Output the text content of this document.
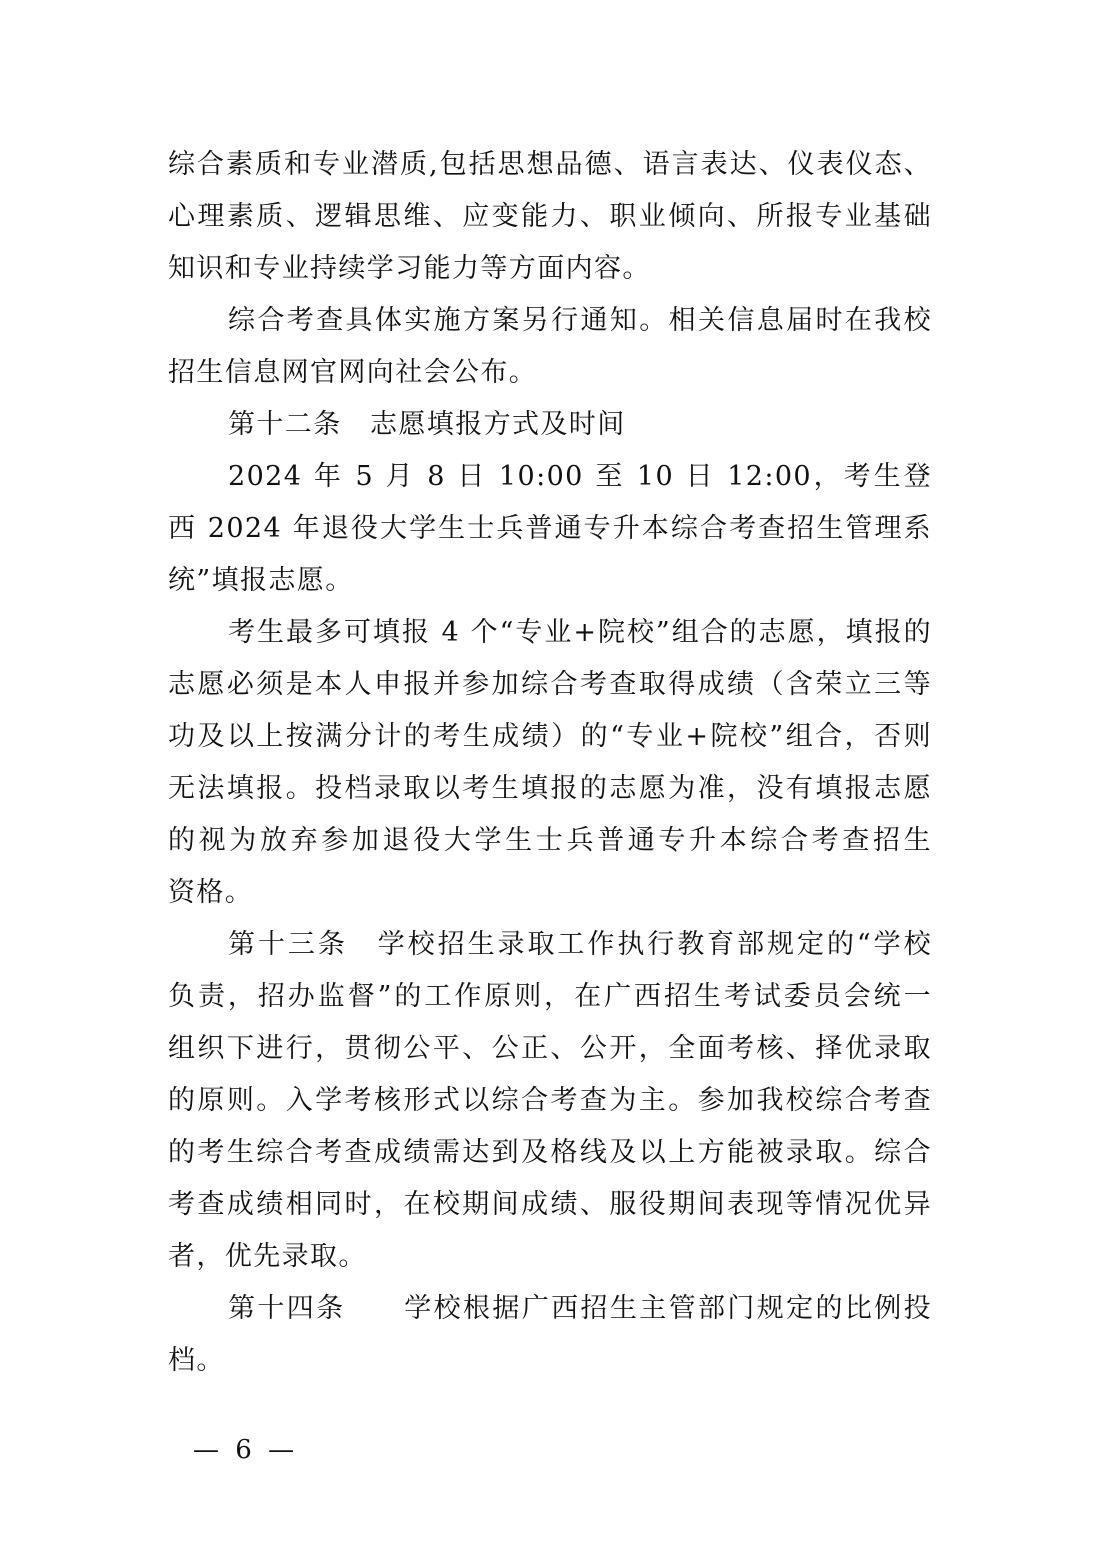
综合素质和专业潜质,包括思想品德、语言表达、仪表仪态、
心理素质、逻辑思维、应变能力、职业倾向、所报专业基础
知识和专业持续学习能力等方面内容。
综合考查具体实施方案另行通知。相关信息届时在我校
招生信息网官网向社会公布。
第十二条　志愿填报方式及时间
2024 年 5 月 8 日 10:00 至 10 日 12:00，考生登
西 2024 年退役大学生士兵普通专升本综合考查招生管理系
统”填报志愿。
考生最多可填报 4 个“专业+院校”组合的志愿，填报的
志愿必须是本人申报并参加综合考查取得成绩（含荣立三等
功及以上按满分计的考生成绩）的“专业+院校”组合，否则
无法填报。投档录取以考生填报的志愿为准，没有填报志愿
的视为放弃参加退役大学生士兵普通专升本综合考查招生
资格。
第十三条　学校招生录取工作执行教育部规定的“学校
负责，招办监督”的工作原则，在广西招生考试委员会统一
组织下进行，贯彻公平、公正、公开，全面考核、择优录取
的原则。入学考核形式以综合考查为主。参加我校综合考查
的考生综合考查成绩需达到及格线及以上方能被录取。综合
考查成绩相同时，在校期间成绩、服役期间表现等情况优异
者，优先录取。
第十四条　　学校根据广西招生主管部门规定的比例投
档。
— 6 —
